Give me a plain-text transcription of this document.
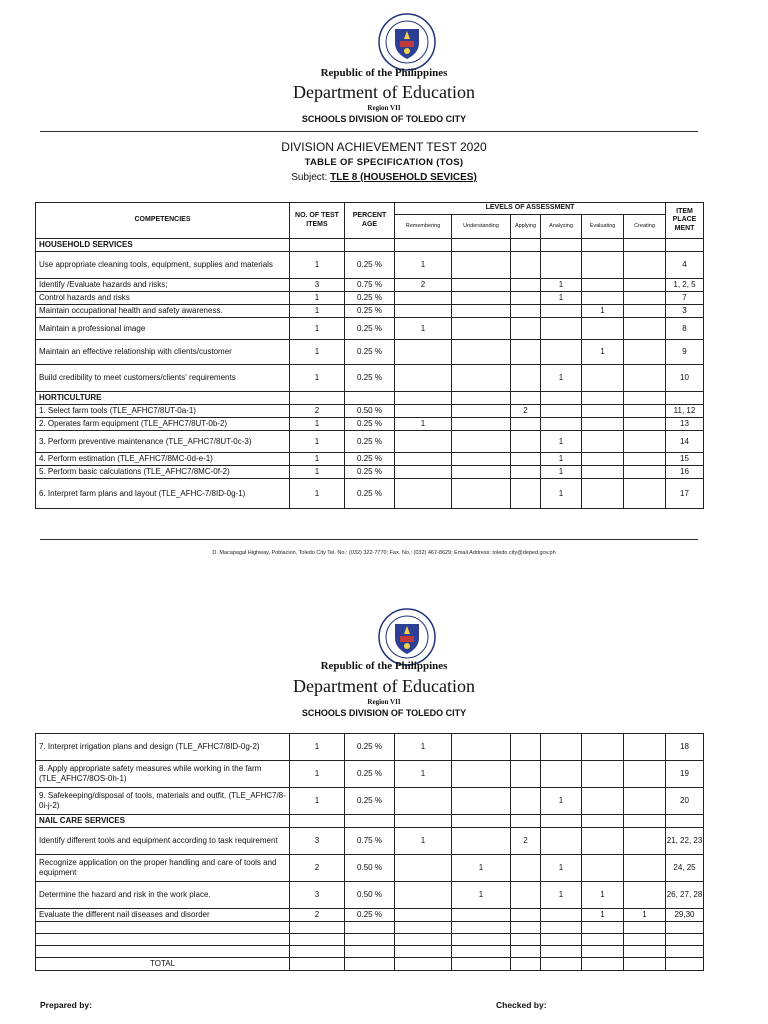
Republic of the Philippines
Department of Education
Region VII
SCHOOLS DIVISION OF TOLEDO CITY
DIVISION ACHIEVEMENT TEST 2020
TABLE OF SPECIFICATION (TOS)
Subject: TLE 8 (HOUSEHOLD SEVICES)
COMPETENCIES	NO. OF TEST ITEMS	PERCENT AGE	LEVELS OF ASSESSMENT						ITEM PLACE MENT
			Remembering	Understanding	Applying	Analyzing	Evaluating	Creating	

HOUSEHOLD SERVICES									
Use appropriate cleaning tools, equipment, supplies and materials	1	0.25 %	1						4
Identify /Evaluate hazards and risks;	3	0.75 %	2			1			1, 2, 5
Control hazards and risks	1	0.25 %				1			7
Maintain occupational health and safety awareness.	1	0.25 %					1		3
Maintain a professional image	1	0.25 %	1						8
Maintain an effective relationship with clients/customer	1	0.25 %					1		9
Build credibility to meet customers/clients' requirements	1	0.25 %				1			10
HORTICULTURE									
1. Select farm tools (TLE_AFHC7/8UT-0a-1)	2	0.50 %			2				11, 12
2. Operates farm equipment (TLE_AFHC7/8UT-0b-2)	1	0.25 %	1						13
3. Perform preventive maintenance (TLE_AFHC7/8UT-0c-3)	1	0.25 %				1			14
4. Perform estimation (TLE_AFHC7/8MC-0d-e-1)	1	0.25 %				1			15
5. Perform basic calculations (TLE_AFHC7/8MC-0f-2)	1	0.25 %				1			16
6. Interpret farm plans and layout (TLE_AFHC-7/8ID-0g-1)	1	0.25 %				1			17
D. Macapagal Highway, Poblacion, Toledo City Tel. No.: (032) 322-7770; Fax. No.: (032) 467-8629; Email Address: toledo.city@deped.gov.ph
Republic of the Philippines
Department of Education
Region VII
SCHOOLS DIVISION OF TOLEDO CITY
7. Interpret irrigation plans and design (TLE_AFHC7/8ID-0g-2)	1	0.25 %	1						18
8. Apply appropriate safety measures while working in the farm (TLE_AFHC7/8OS-0h-1)	1	0.25 %	1						19
9. Safekeeping/disposal of tools, materials and outfit. (TLE_AFHC7/8-0i-j-2)	1	0.25 %				1			20
NAIL CARE SERVICES									
Identify different tools and equipment according to task requirement	3	0.75 %	1		2				21, 22, 23
Recognize application on the proper handling and care of tools and equipment	2	0.50 %		1		1			24, 25
Determine the hazard and risk in the work place.	3	0.50 %		1		1	1		26, 27, 28
Evaluate the different nail diseases and disorder	2	0.25 %					1	1	29,30

TOTAL									
Prepared by:	Checked by:
